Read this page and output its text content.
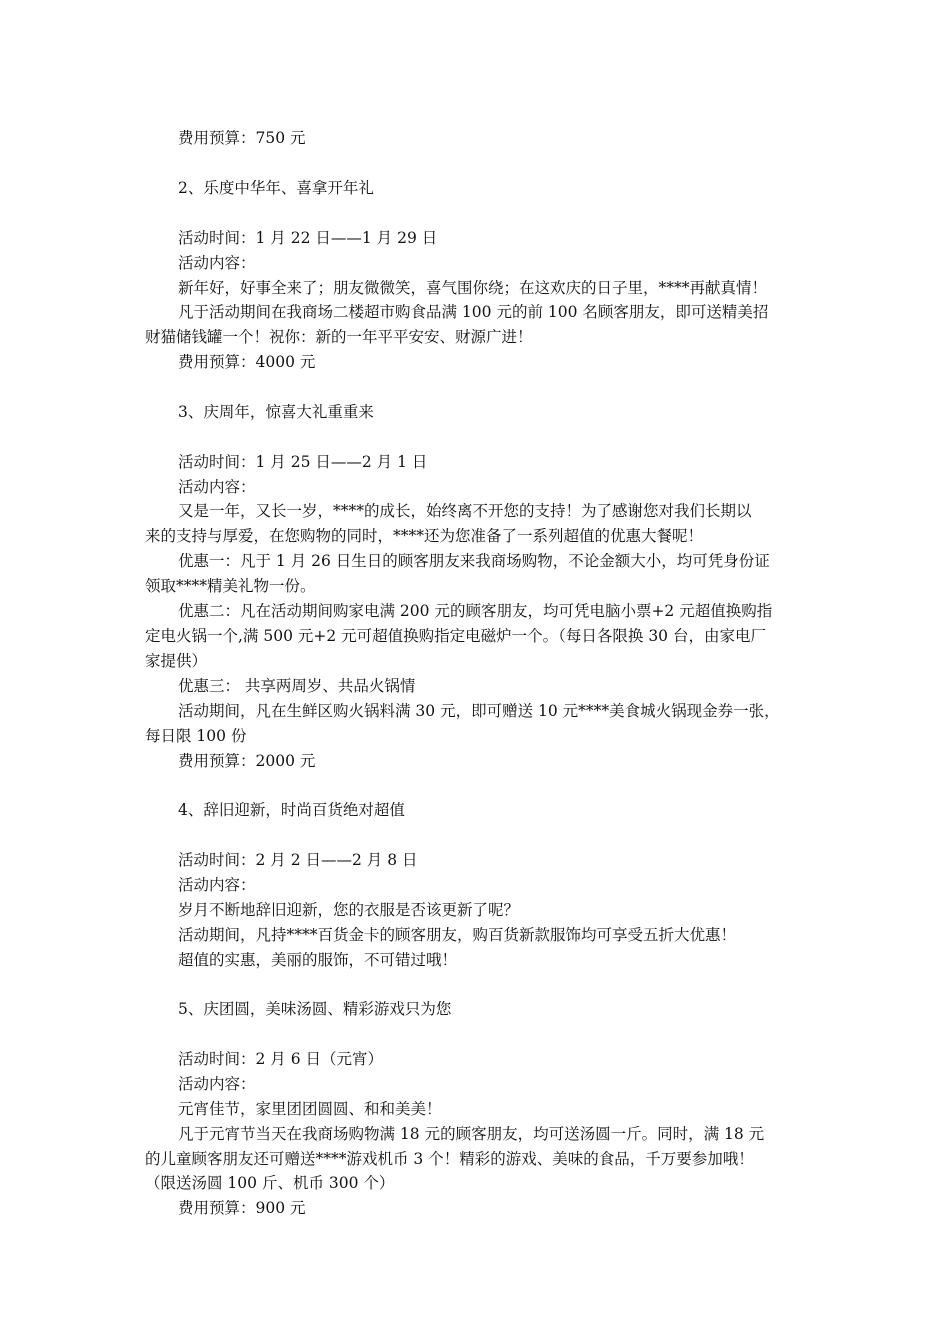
费用预算：750 元
2、乐度中华年、喜拿开年礼
活动时间：1 月 22 日——1 月 29 日
活动内容：
新年好，好事全来了；朋友微微笑，喜气围你绕；在这欢庆的日子里，****再献真情！
凡于活动期间在我商场二楼超市购食品满 100 元的前 100 名顾客朋友，即可送精美招
财猫储钱罐一个！祝你：新的一年平平安安、财源广进！
费用预算：4000 元
3、庆周年，惊喜大礼重重来
活动时间：1 月 25 日——2 月 1 日
活动内容：
又是一年，又长一岁，****的成长，始终离不开您的支持！为了感谢您对我们长期以
来的支持与厚爱，在您购物的同时，****还为您准备了一系列超值的优惠大餐呢！
优惠一：凡于 1 月 26 日生日的顾客朋友来我商场购物，不论金额大小，均可凭身份证
领取****精美礼物一份。
优惠二：凡在活动期间购家电满 200 元的顾客朋友，均可凭电脑小票+2 元超值换购指
定电火锅一个,满 500 元+2 元可超值换购指定电磁炉一个。（每日各限换 30 台，由家电厂
家提供）
优惠三： 共享两周岁、共品火锅情
活动期间，凡在生鲜区购火锅料满 30 元，即可赠送 10 元****美食城火锅现金券一张，
每日限 100 份
费用预算：2000 元
4、辞旧迎新，时尚百货绝对超值
活动时间：2 月 2 日——2 月 8 日
活动内容：
岁月不断地辞旧迎新，您的衣服是否该更新了呢？
活动期间，凡持****百货金卡的顾客朋友，购百货新款服饰均可享受五折大优惠！
超值的实惠，美丽的服饰，不可错过哦！
5、庆团圆，美味汤圆、精彩游戏只为您
活动时间：2 月 6 日（元宵）
活动内容：
元宵佳节，家里团团圆圆、和和美美！
凡于元宵节当天在我商场购物满 18 元的顾客朋友，均可送汤圆一斤。同时，满 18 元
的儿童顾客朋友还可赠送****游戏机币 3 个！精彩的游戏、美味的食品，千万要参加哦！
（限送汤圆 100 斤、机币 300 个）
费用预算：900 元
